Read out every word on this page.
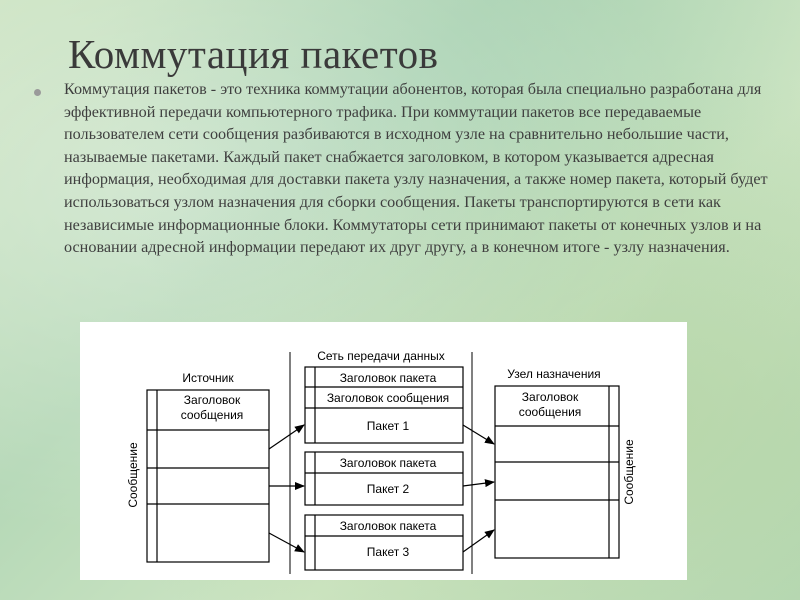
Коммутация пакетов

Коммутация пакетов - это техника коммутации абонентов, которая была специально разработана для эффективной передачи компьютерного трафика. При коммутации пакетов все передаваемые пользователем сети сообщения разбиваются в исходном узле на сравнительно небольшие части, называемые пакетами. Каждый пакет снабжается заголовком, в котором указывается адресная информация, необходимая для доставки пакета узлу назначения, а также номер пакета, который будет использоваться узлом назначения для сборки сообщения. Пакеты транспортируются в сети как независимые информационные блоки. Коммутаторы сети принимают пакеты от конечных узлов и на основании адресной информации передают их друг другу, а в конечном итоге - узлу назначения.

Источник
Заголовок
сообщения
Сообщение
Сеть передачи данных
Заголовок пакета
Заголовок сообщения
Пакет 1
Заголовок пакета
Пакет 2
Заголовок пакета
Пакет 3
Узел назначения
Заголовок
сообщения
Сообщение
